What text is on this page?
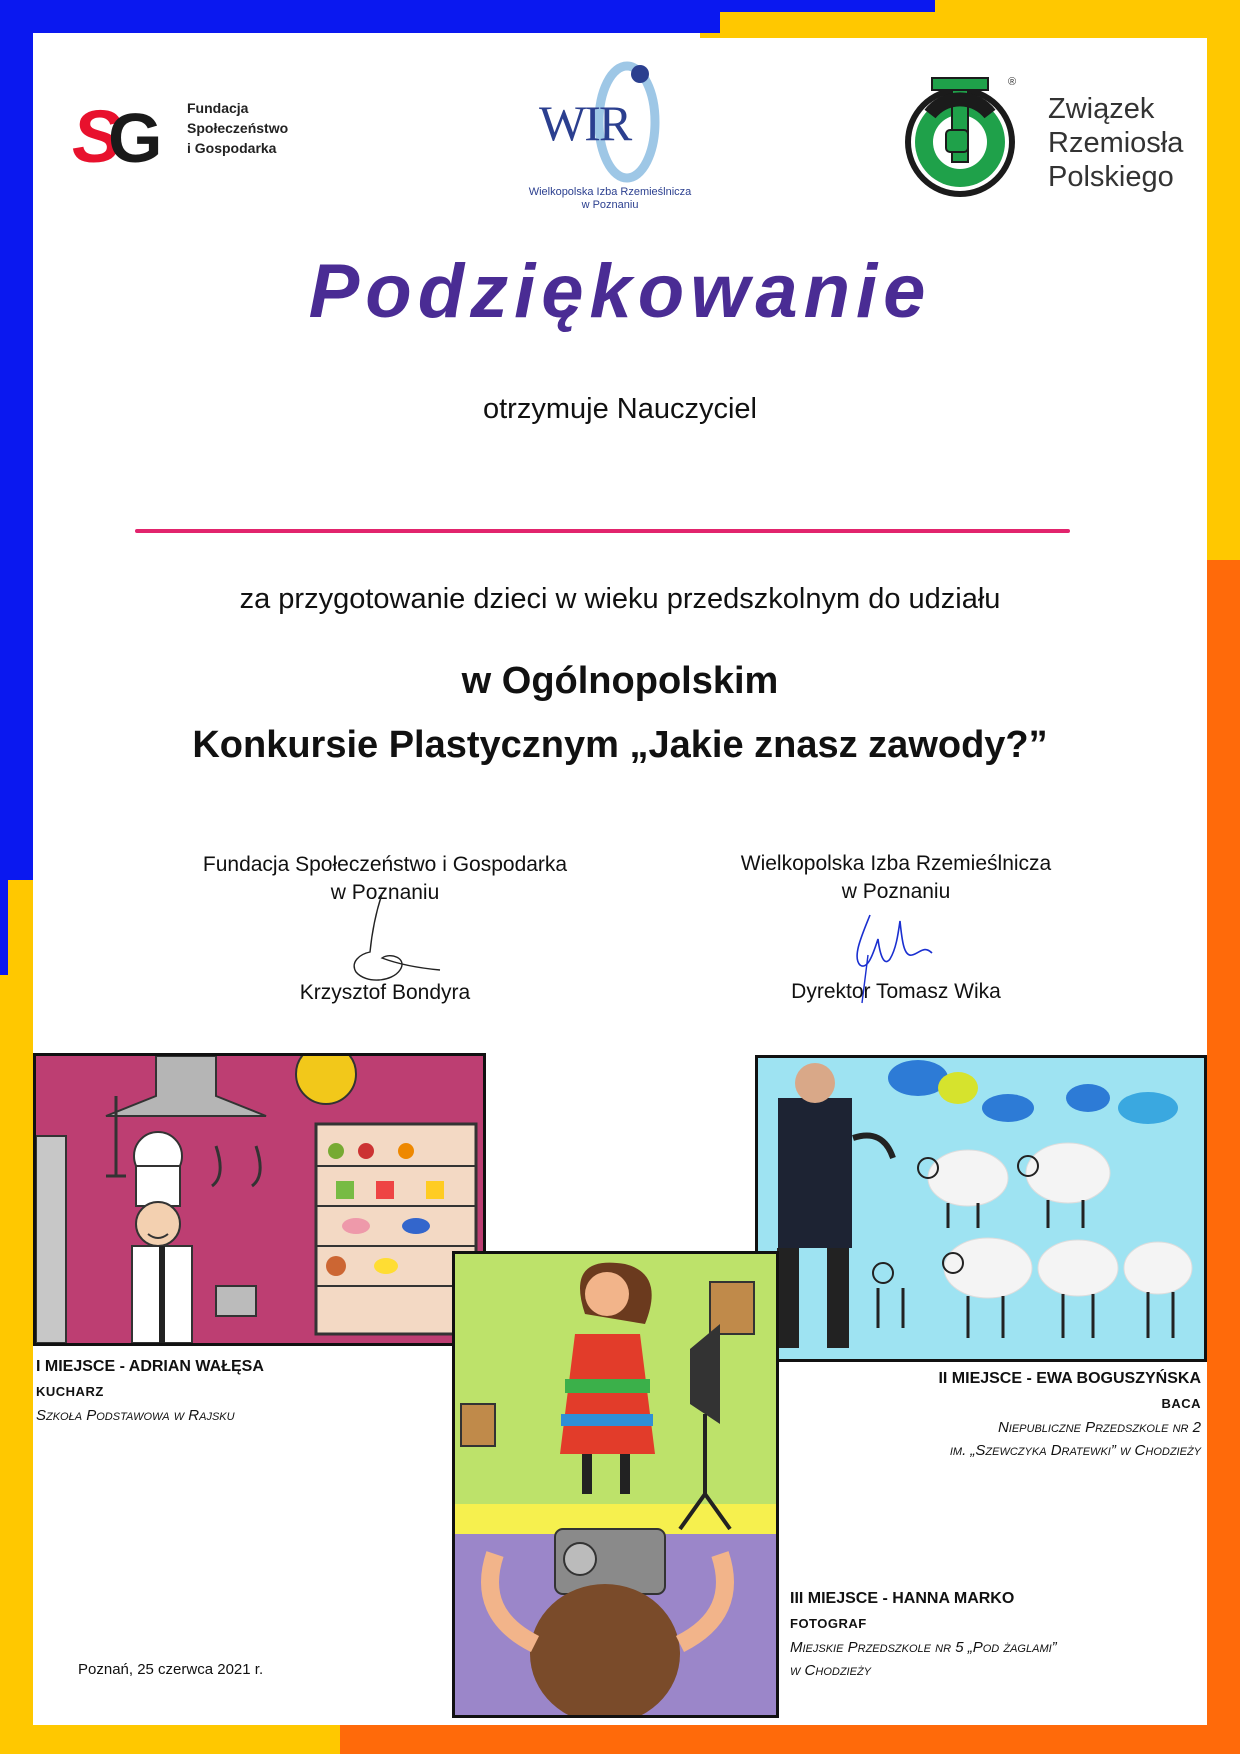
S
G Fundacja
Społeczeństwo
i Gospodarka	WIR
Wielkopolska Izba Rzemieślnicza
w Poznaniu
®
Związek
Rzemiosła
Polskiego
Podziękowanie
otrzymuje Nauczyciel
za przygotowanie dzieci w wieku przedszkolnym do udziału
w Ogólnopolskim
Konkursie Plastycznym „Jakie znasz zawody?”
Fundacja Społeczeństwo i Gospodarka
w Poznaniu
Krzysztof Bondyra
Wielkopolska Izba Rzemieślnicza
w Poznaniu
Dyrektor Tomasz Wika
I MIEJSCE - ADRIAN WAŁĘSA
KUCHARZ
Szkoła Podstawowa w Rajsku
II MIEJSCE - EWA BOGUSZYŃSKA
BACA
Niepubliczne Przedszkole nr 2
im. „Szewczyka Dratewki” w Chodzieży
III MIEJSCE - HANNA MARKO
FOTOGRAF
Miejskie Przedszkole nr 5 „Pod żaglami”
w Chodzieży
Poznań, 25 czerwca 2021 r.
